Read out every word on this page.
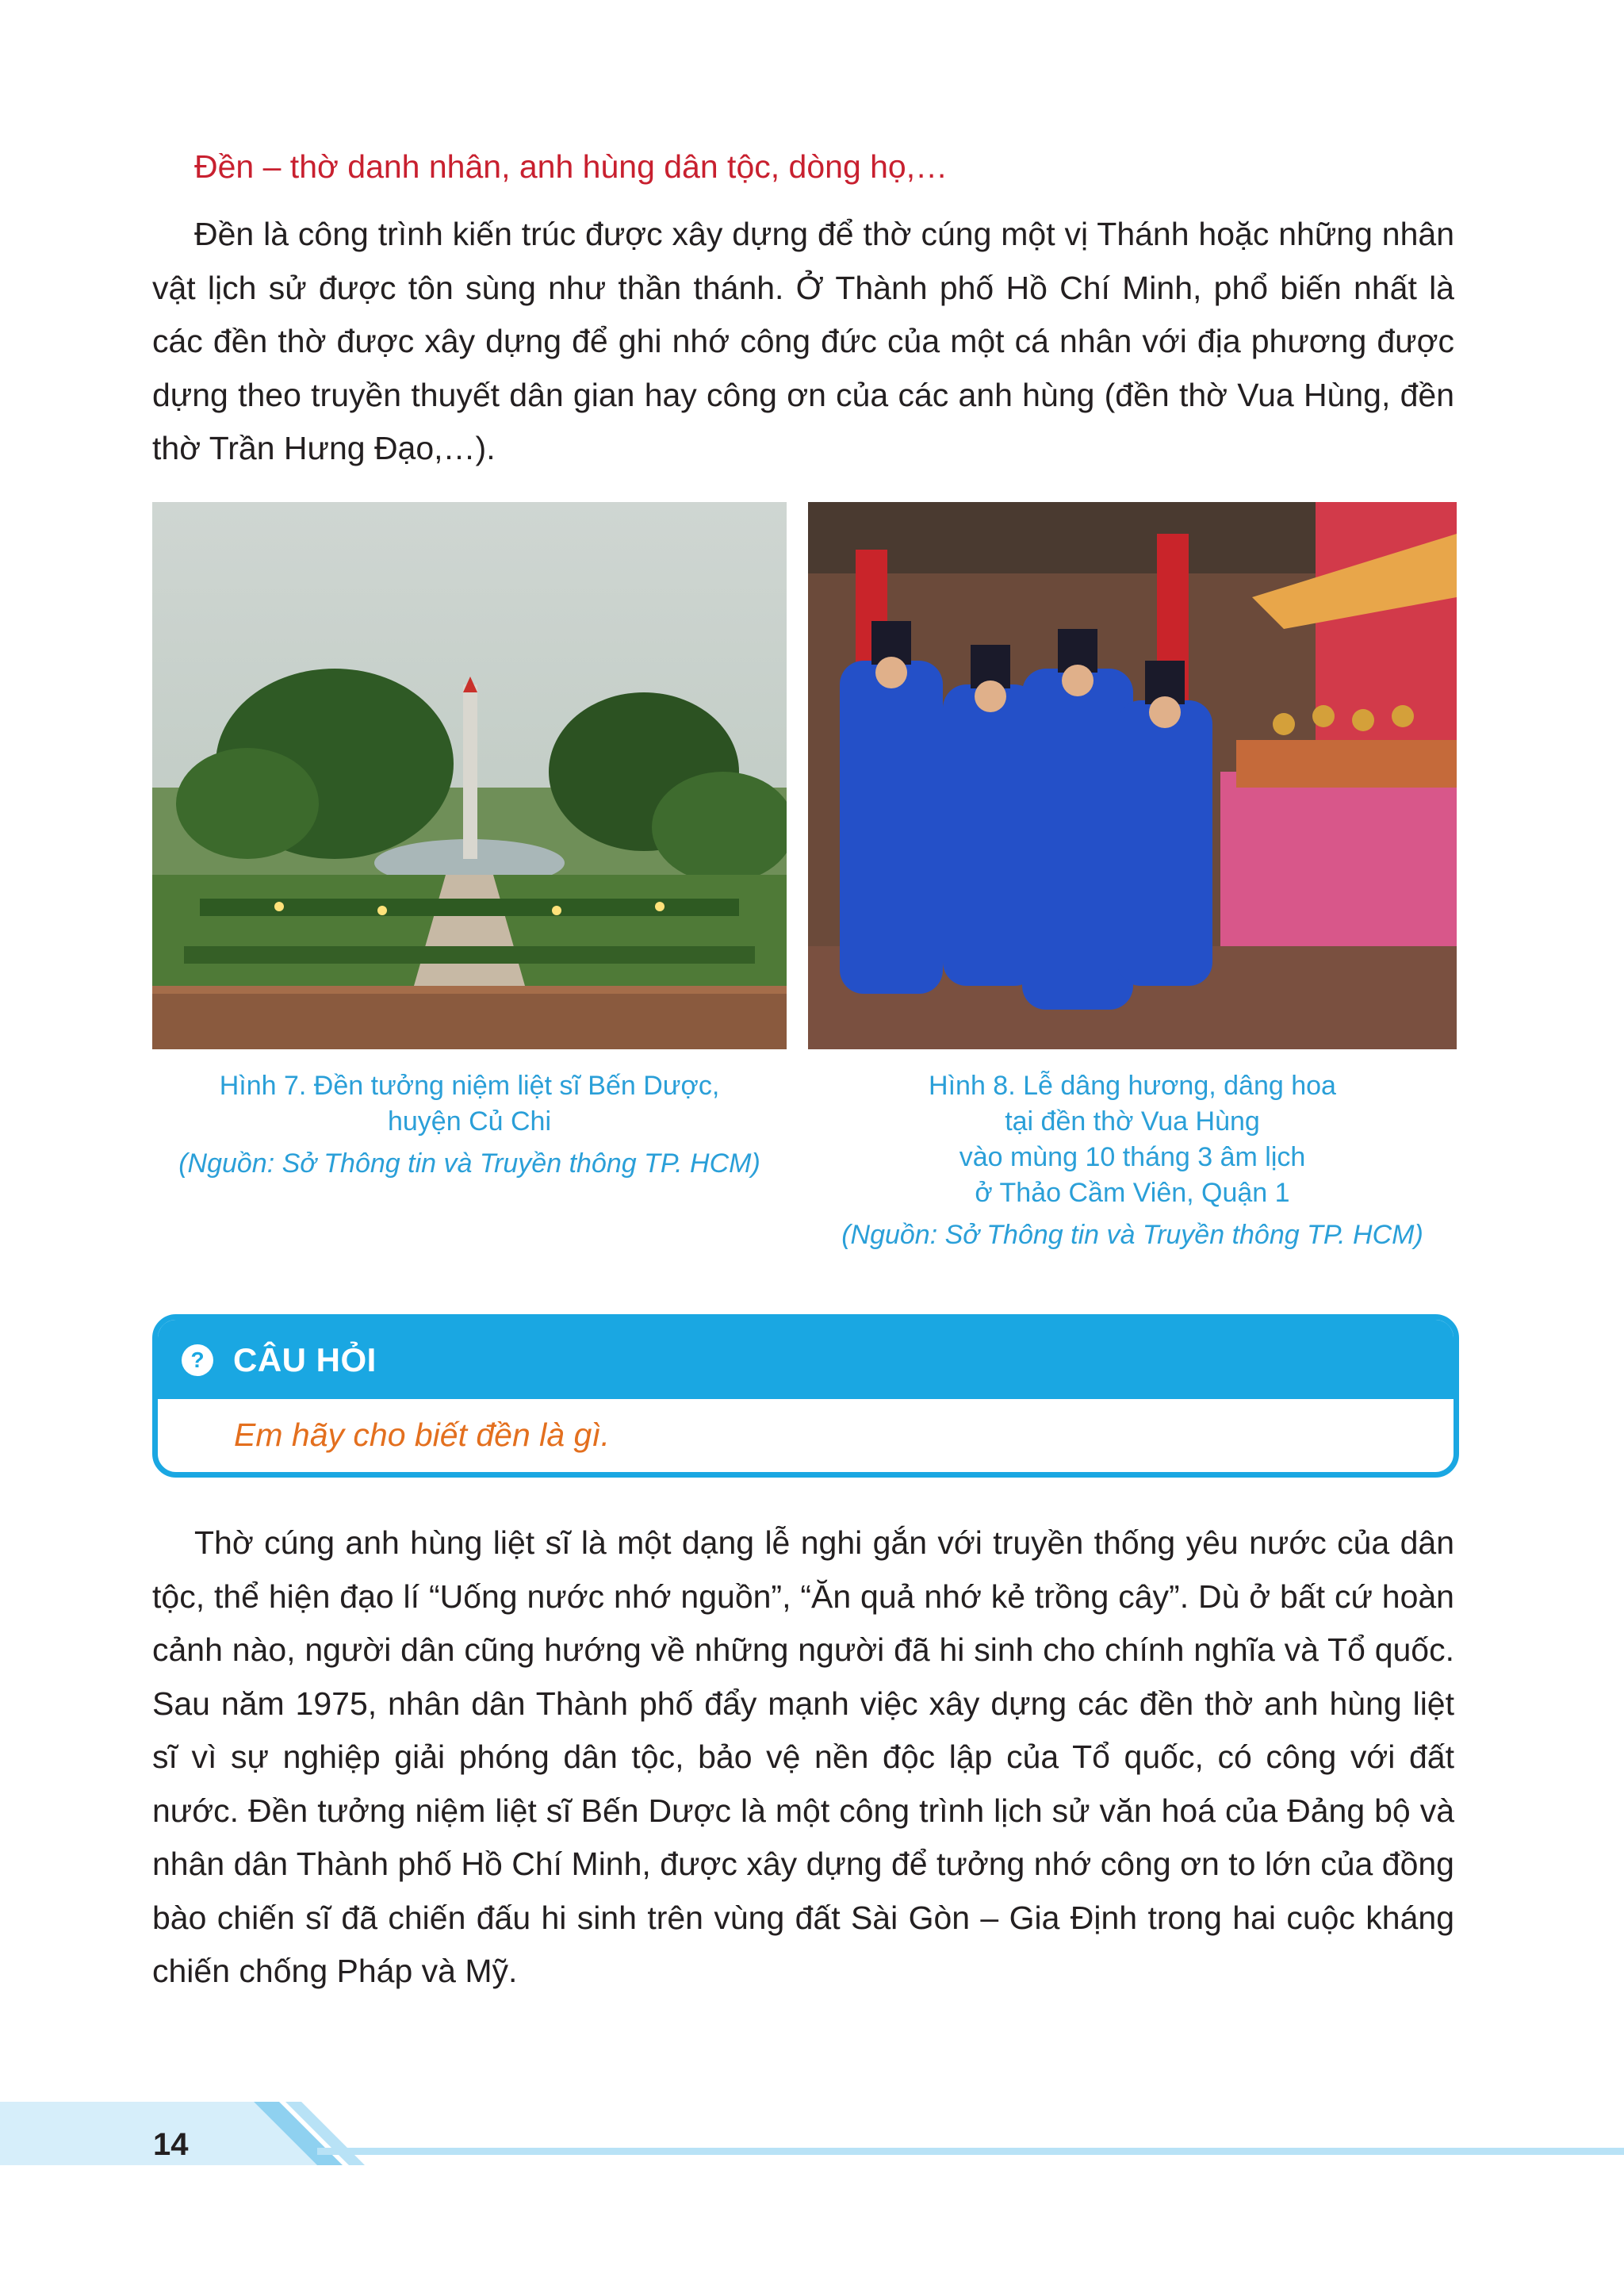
Đền – thờ danh nhân, anh hùng dân tộc, dòng họ,…

Đền là công trình kiến trúc được xây dựng để thờ cúng một vị Thánh hoặc những nhân vật lịch sử được tôn sùng như thần thánh. Ở Thành phố Hồ Chí Minh, phổ biến nhất là các đền thờ được xây dựng để ghi nhớ công đức của một cá nhân với địa phương được dựng theo truyền thuyết dân gian hay công ơn của các anh hùng (đền thờ Vua Hùng, đền thờ Trần Hưng Đạo,…).

Hình 7. Đền tưởng niệm liệt sĩ Bến Dược,
huyện Củ Chi
(Nguồn: Sở Thông tin và Truyền thông TP. HCM)

Hình 8. Lễ dâng hương, dâng hoa
tại đền thờ Vua Hùng
vào mùng 10 tháng 3 âm lịch
ở Thảo Cầm Viên, Quận 1
(Nguồn: Sở Thông tin và Truyền thông TP. HCM)

? CÂU HỎI

Em hãy cho biết đền là gì.

Thờ cúng anh hùng liệt sĩ là một dạng lễ nghi gắn với truyền thống yêu nước của dân tộc, thể hiện đạo lí “Uống nước nhớ nguồn”, “Ăn quả nhớ kẻ trồng cây”. Dù ở bất cứ hoàn cảnh nào, người dân cũng hướng về những người đã hi sinh cho chính nghĩa và Tổ quốc. Sau năm 1975, nhân dân Thành phố đẩy mạnh việc xây dựng các đền thờ anh hùng liệt sĩ vì sự nghiệp giải phóng dân tộc, bảo vệ nền độc lập của Tổ quốc, có công với đất nước. Đền tưởng niệm liệt sĩ Bến Dược là một công trình lịch sử văn hoá của Đảng bộ và nhân dân Thành phố Hồ Chí Minh, được xây dựng để tưởng nhớ công ơn to lớn của đồng bào chiến sĩ đã chiến đấu hi sinh trên vùng đất Sài Gòn – Gia Định trong hai cuộc kháng chiến chống Pháp và Mỹ.

14
